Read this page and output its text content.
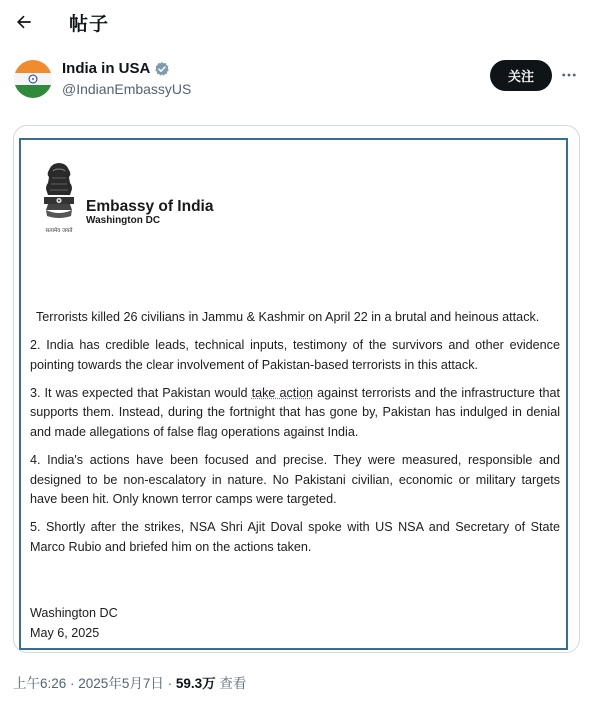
帖子
India in USA
@IndianEmbassyUS
关注
सत्यमेव जयते
Embassy of India
Washington DC

Terrorists killed 26 civilians in Jammu & Kashmir on April 22 in a brutal and heinous attack.

2. India has credible leads, technical inputs, testimony of the survivors and other evidence pointing towards the clear involvement of Pakistan-based terrorists in this attack.

3. It was expected that Pakistan would take action against terrorists and the infrastructure that supports them. Instead, during the fortnight that has gone by, Pakistan has indulged in denial and made allegations of false flag operations against India.

4. India's actions have been focused and precise. They were measured, responsible and designed to be non-escalatory in nature. No Pakistani civilian, economic or military targets have been hit. Only known terror camps were targeted.

5. Shortly after the strikes, NSA Shri Ajit Doval spoke with US NSA and Secretary of State Marco Rubio and briefed him on the actions taken.

Washington DC
May 6, 2025
上午6:26 · 2025年5月7日 · 59.3万 查看
